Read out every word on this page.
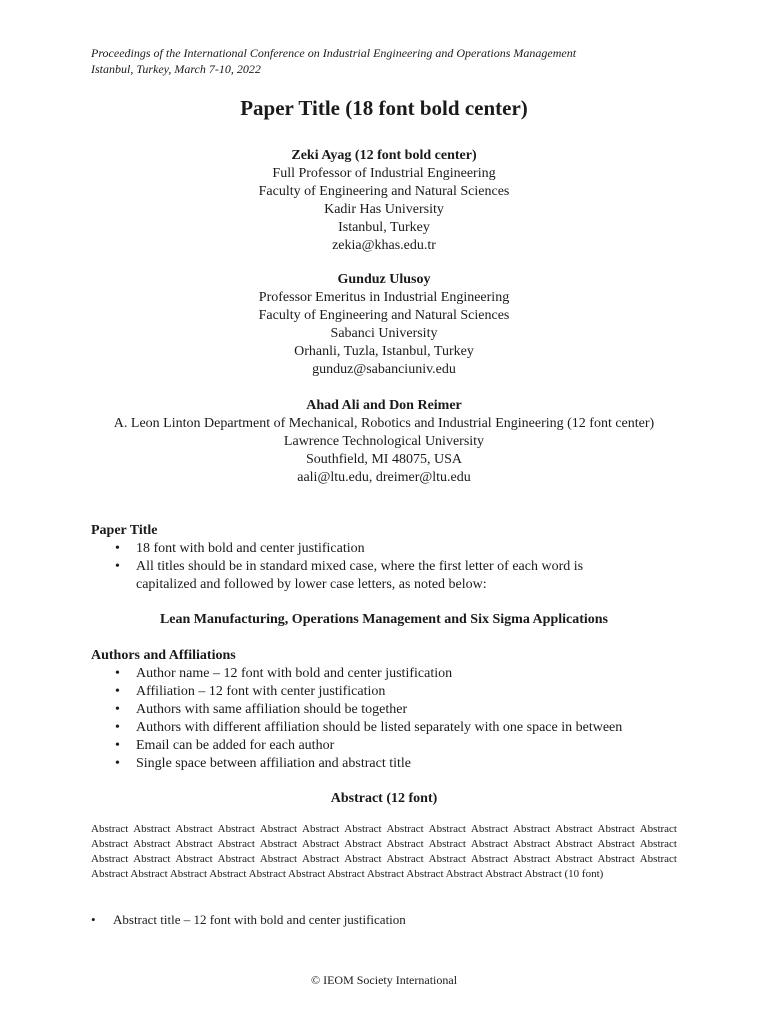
Proceedings of the International Conference on Industrial Engineering and Operations Management
Istanbul, Turkey, March 7-10, 2022
Paper Title (18 font bold center)
Zeki Ayag (12 font bold center)
Full Professor of Industrial Engineering
Faculty of Engineering and Natural Sciences
Kadir Has University
Istanbul, Turkey
zekia@khas.edu.tr
Gunduz Ulusoy
Professor Emeritus in Industrial Engineering
Faculty of Engineering and Natural Sciences
Sabanci University
Orhanli, Tuzla, Istanbul, Turkey
gunduz@sabanciuniv.edu
Ahad Ali and Don Reimer
A. Leon Linton Department of Mechanical, Robotics and Industrial Engineering (12 font center)
Lawrence Technological University
Southfield, MI 48075, USA
aali@ltu.edu, dreimer@ltu.edu
Paper Title
• 18 font with bold and center justification
• All titles should be in standard mixed case, where the first letter of each word is capitalized and followed by lower case letters, as noted below:
Lean Manufacturing, Operations Management and Six Sigma Applications
Authors and Affiliations
• Author name – 12 font with bold and center justification
• Affiliation – 12 font with center justification
• Authors with same affiliation should be together
• Authors with different affiliation should be listed separately with one space in between
• Email can be added for each author
• Single space between affiliation and abstract title
Abstract (12 font)
Abstract Abstract Abstract Abstract Abstract Abstract Abstract Abstract Abstract Abstract Abstract Abstract Abstract Abstract Abstract Abstract Abstract Abstract Abstract Abstract Abstract Abstract Abstract Abstract Abstract Abstract Abstract Abstract Abstract Abstract Abstract Abstract Abstract Abstract Abstract Abstract Abstract Abstract Abstract Abstract Abstract Abstract Abstract Abstract Abstract Abstract Abstract Abstract Abstract Abstract Abstract Abstract Abstract Abstract (10 font)
• Abstract title – 12 font with bold and center justification
© IEOM Society International
